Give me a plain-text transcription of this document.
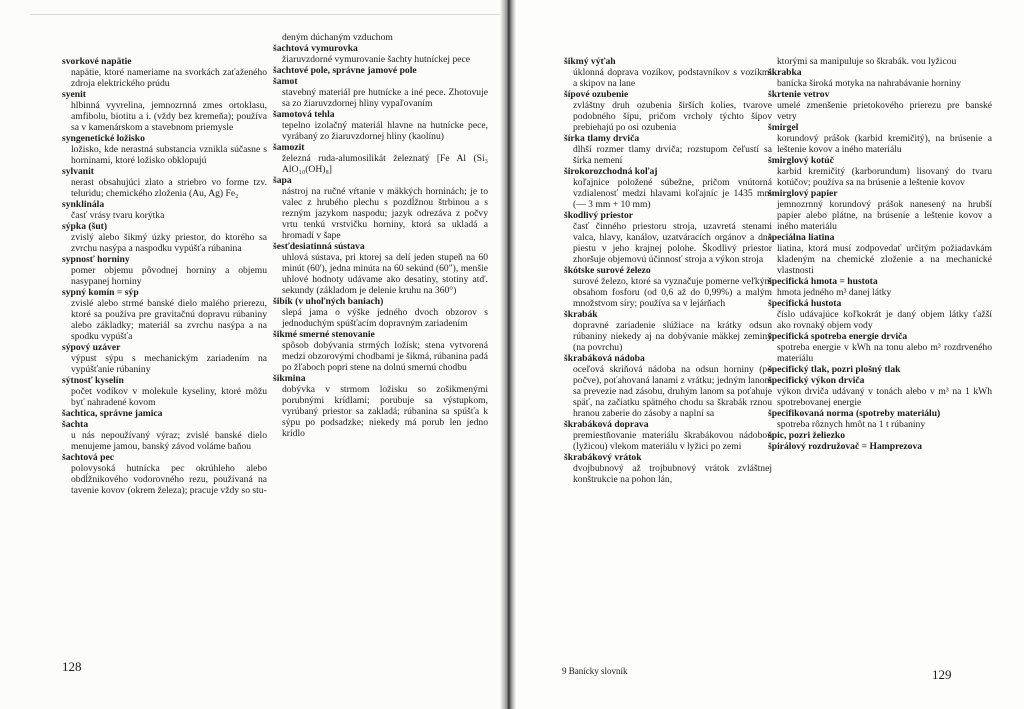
svorkové napätie
napätie, ktoré nameriame na svorkách zaťaženého zdroja elektrického prúdu
syenit
hlbinná vyvrelina, jemnozrnná zmes ortoklasu, amfibolu, biotitu a i. (vždy bez kremeňa); používa sa v kamenárskom a stavebnom priemysle
syngenetické ložisko
ložisko, kde nerastná substancia vznikla súčasne s horninami, ktoré ložisko obklopujú
sylvanit
nerast obsahujúci zlato a striebro vo forme tzv. teluridu; chemického zloženia (Au, Ag) Fe₂
synklinála
časť vrásy tvaru korýtka
sýpka (šut)
zvislý alebo šikmý úzky priestor, do ktorého sa zvrchu nasýpa a naspodku vypúšťa rúbanina
sypnosť horniny
pomer objemu pôvodnej horniny a objemu nasypanej horniny
sypný komín = sýp
zvislé alebo strmé banské dielo malého prierezu, ktoré sa používa pre gravitačnú dopravu rúbaniny alebo základky; materiál sa zvrchu nasýpa a na spodku vypúšťa
sýpový uzáver
výpust sýpu s mechanickým zariadením na vypúšťanie rúbaniny
sýtnosť kyselín
počet vodíkov v molekule kyseliny, ktoré môžu byť nahradené kovom
šachtica, správne jamica
šachta
u nás nepoužívaný výraz; zvislé banské dielo menujeme jamou, banský závod voláme baňou
šachtová pec
polovysoká hutnícka pec okrúhleho alebo obdĺžnikového vodorovného rezu, používaná na tavenie kovov (okrem železa); pracuje vždy so stu-
deným dúchaným vzduchom
šachtová vymurovka
žiaruvzdorné vymurovanie šachty hutníckej pece
šachtové pole, správne jamové pole
šamot
stavebný materiál pre hutnícke a iné pece. Zhotovuje sa zo žiaruvzdornej hliny vypaľovaním
šamotová tehla
tepelno izolačný materiál hlavne na hutnícke pece, vyrábaný zo žiaruvzdornej hliny (kaolínu)
šamozit
železná ruda-alumosilikát železnatý [Fe Al (Si₃ AlO₁₀(OH)₈]
šapa
nástroj na ručné vŕtanie v mäkkých horninách; je to valec z hrubého plechu s pozdĺžnou štrbinou a s rezným jazykom naspodu; jazyk odrezáva z počvy vrtu tenkú vrstvičku horniny, ktorá sa ukladá a hromadí v šape
šesťdesiatinná sústava
uhlová sústava, pri ktorej sa delí jeden stupeň na 60 minút (60'), jedna minúta na 60 sekúnd (60"), menšie uhlové hodnoty udávame ako desatiny, stotiny atď. sekundy (základom je delenie kruhu na 360°)
šibík (v uhoľných baniach)
slepá jama o výške jedného dvoch obzorov s jednoduchým spúšťacím dopravným zariadením
šikmé smerné stenovanie
spôsob dobývania strmých ložísk; stena vytvorená medzi obzorovými chodbami je šikmá, rúbanina padá po žľaboch popri stene na dolnú smernú chodbu
šikmina
dobývka v strmom ložisku so zošikmenými porubnými krídlami; porubuje sa výstupkom, vyrúbaný priestor sa zakladá; rúbanina sa spúšťa k sýpu po podsadzke; niekedy má porub len jedno krídlo
128
šikmý výťah
úklonná doprava vozíkov, podstavníkov s vozíkmi a skipov na lane
šípové ozubenie
zvláštny druh ozubenia širších kolies, tvarove podobného šípu, pričom vrcholy týchto šípov prebiehajú po osi ozubenia
šírka tlamy drviča
dlhší rozmer tlamy drviča; rozstupom čeľustí sa šírka nemení
širokorozchodná koľaj
koľajnice položené súbežne, pričom vnútorná vzdialenosť medzi hlavami koľajníc je 1435 mm (— 3 mm + 10 mm)
škodlivý priestor
časť činného priestoru stroja, uzavretá stenami valca, hlavy, kanálov, uzatváracích orgánov a dna piestu v jeho krajnej polohe. Škodlivý priestor zhoršuje objemovú účinnosť stroja a výkon stroja
škótske surové železo
surové železo, ktoré sa vyznačuje pomerne veľkým obsahom fosforu (od 0,6 až do 0,99%) a malým množstvom síry; používa sa v lejárňach
škrabák
dopravné zariadenie slúžiace na krátky odsun rúbaniny niekedy aj na dobývanie mäkkej zeminy (na povrchu)
škrabáková nádoba
oceľová skriňová nádoba na odsun horniny (po počve), poťahovaná lanami z vrátku; jedným lanom sa prevezie nad zásobu, druhým lanom sa poťahuje späť, na začiatku spätného chodu sa škrabák rznou hranou zaberie do zásoby a naplní sa
škrabáková doprava
premiestňovanie materiálu škrabákovou nádobou (lyžicou) vlekom materiálu v lyžici po zemi
škrabákový vrátok
dvojbubnový až trojbubnový vrátok zvláštnej konštrukcie na pohon lán,
ktorými sa manipuluje so škrabák. vou lyžicou
škrabka
banícka široká motyka na nahrabávanie horniny
škrtenie vetrov
umelé zmenšenie prietokového prierezu pre banské vetry
šmirgel
korundový prášok (karbid kremičitý), na brúsenie a leštenie kovov a iného materiálu
šmirglový kotúč
karbid kremičitý (karborundum) lisovaný do tvaru kotúčov; používa sa na brúsenie a leštenie kovov
šmirglový papier
jemnozrnný korundový prášok nanesený na hrubší papier alebo plátne, na brúsenie a leštenie kovov a iného materiálu
špeciálna liatina
liatina, ktorá musí zodpovedať určitým požiadavkám kladeným na chemické zloženie a na mechanické vlastnosti
špecifická hmota = hustota
hmota jedného m³ danej látky
špecifická hustota
číslo udávajúce koľkokrát je daný objem látky ťažší ako rovnaký objem vody
špecifická spotreba energie drviča
spotreba energie v kWh na tonu alebo m³ rozdrveného materiálu
špecifický tlak, pozri plošný tlak
špecifický výkon drviča
výkon drviča udávaný v tonách alebo v m³ na 1 kWh spotrebovanej energie
špecifikovaná norma (spotreby materiálu)
spotreba rôznych hmôt na 1 t rúbaniny
špic, pozri želiezko
špirálový rozdružovač = Hamprezova
9 Banícky slovník	129
